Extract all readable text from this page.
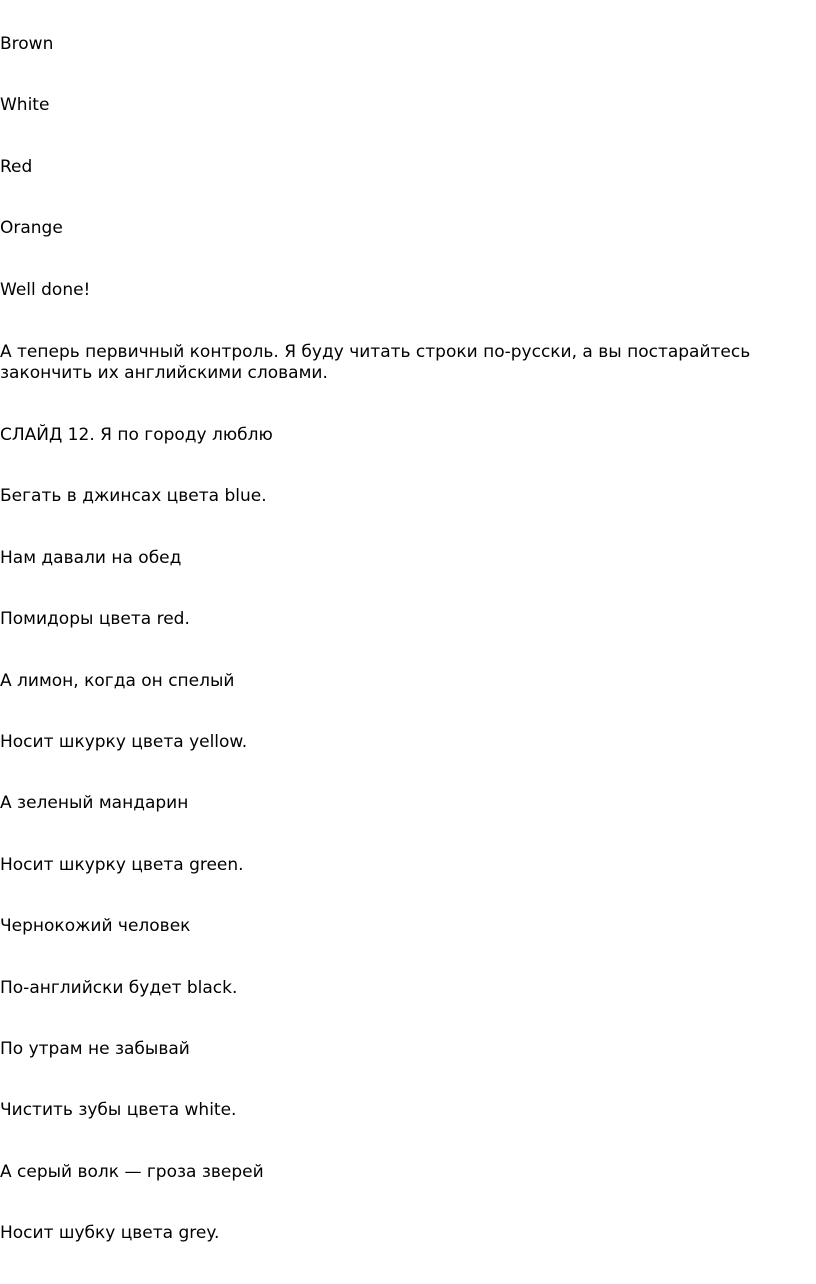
Brown
White
Red
Orange
Well done!
А теперь первичный контроль. Я буду читать строки по-русски, а вы постарайтесь закончить их английскими словами.
СЛАЙД 12. Я по городу люблю
Бегать в джинсах цвета blue.
Нам давали на обед
Помидоры цвета red.
А лимон, когда он спелый
Носит шкурку цвета yellow.
А зеленый мандарин
Носит шкурку цвета green.
Чернокожий человек
По-английски будет black.
По утрам не забывай
Чистить зубы цвета white.
А серый волк — гроза зверей
Носит шубку цвета grey.
